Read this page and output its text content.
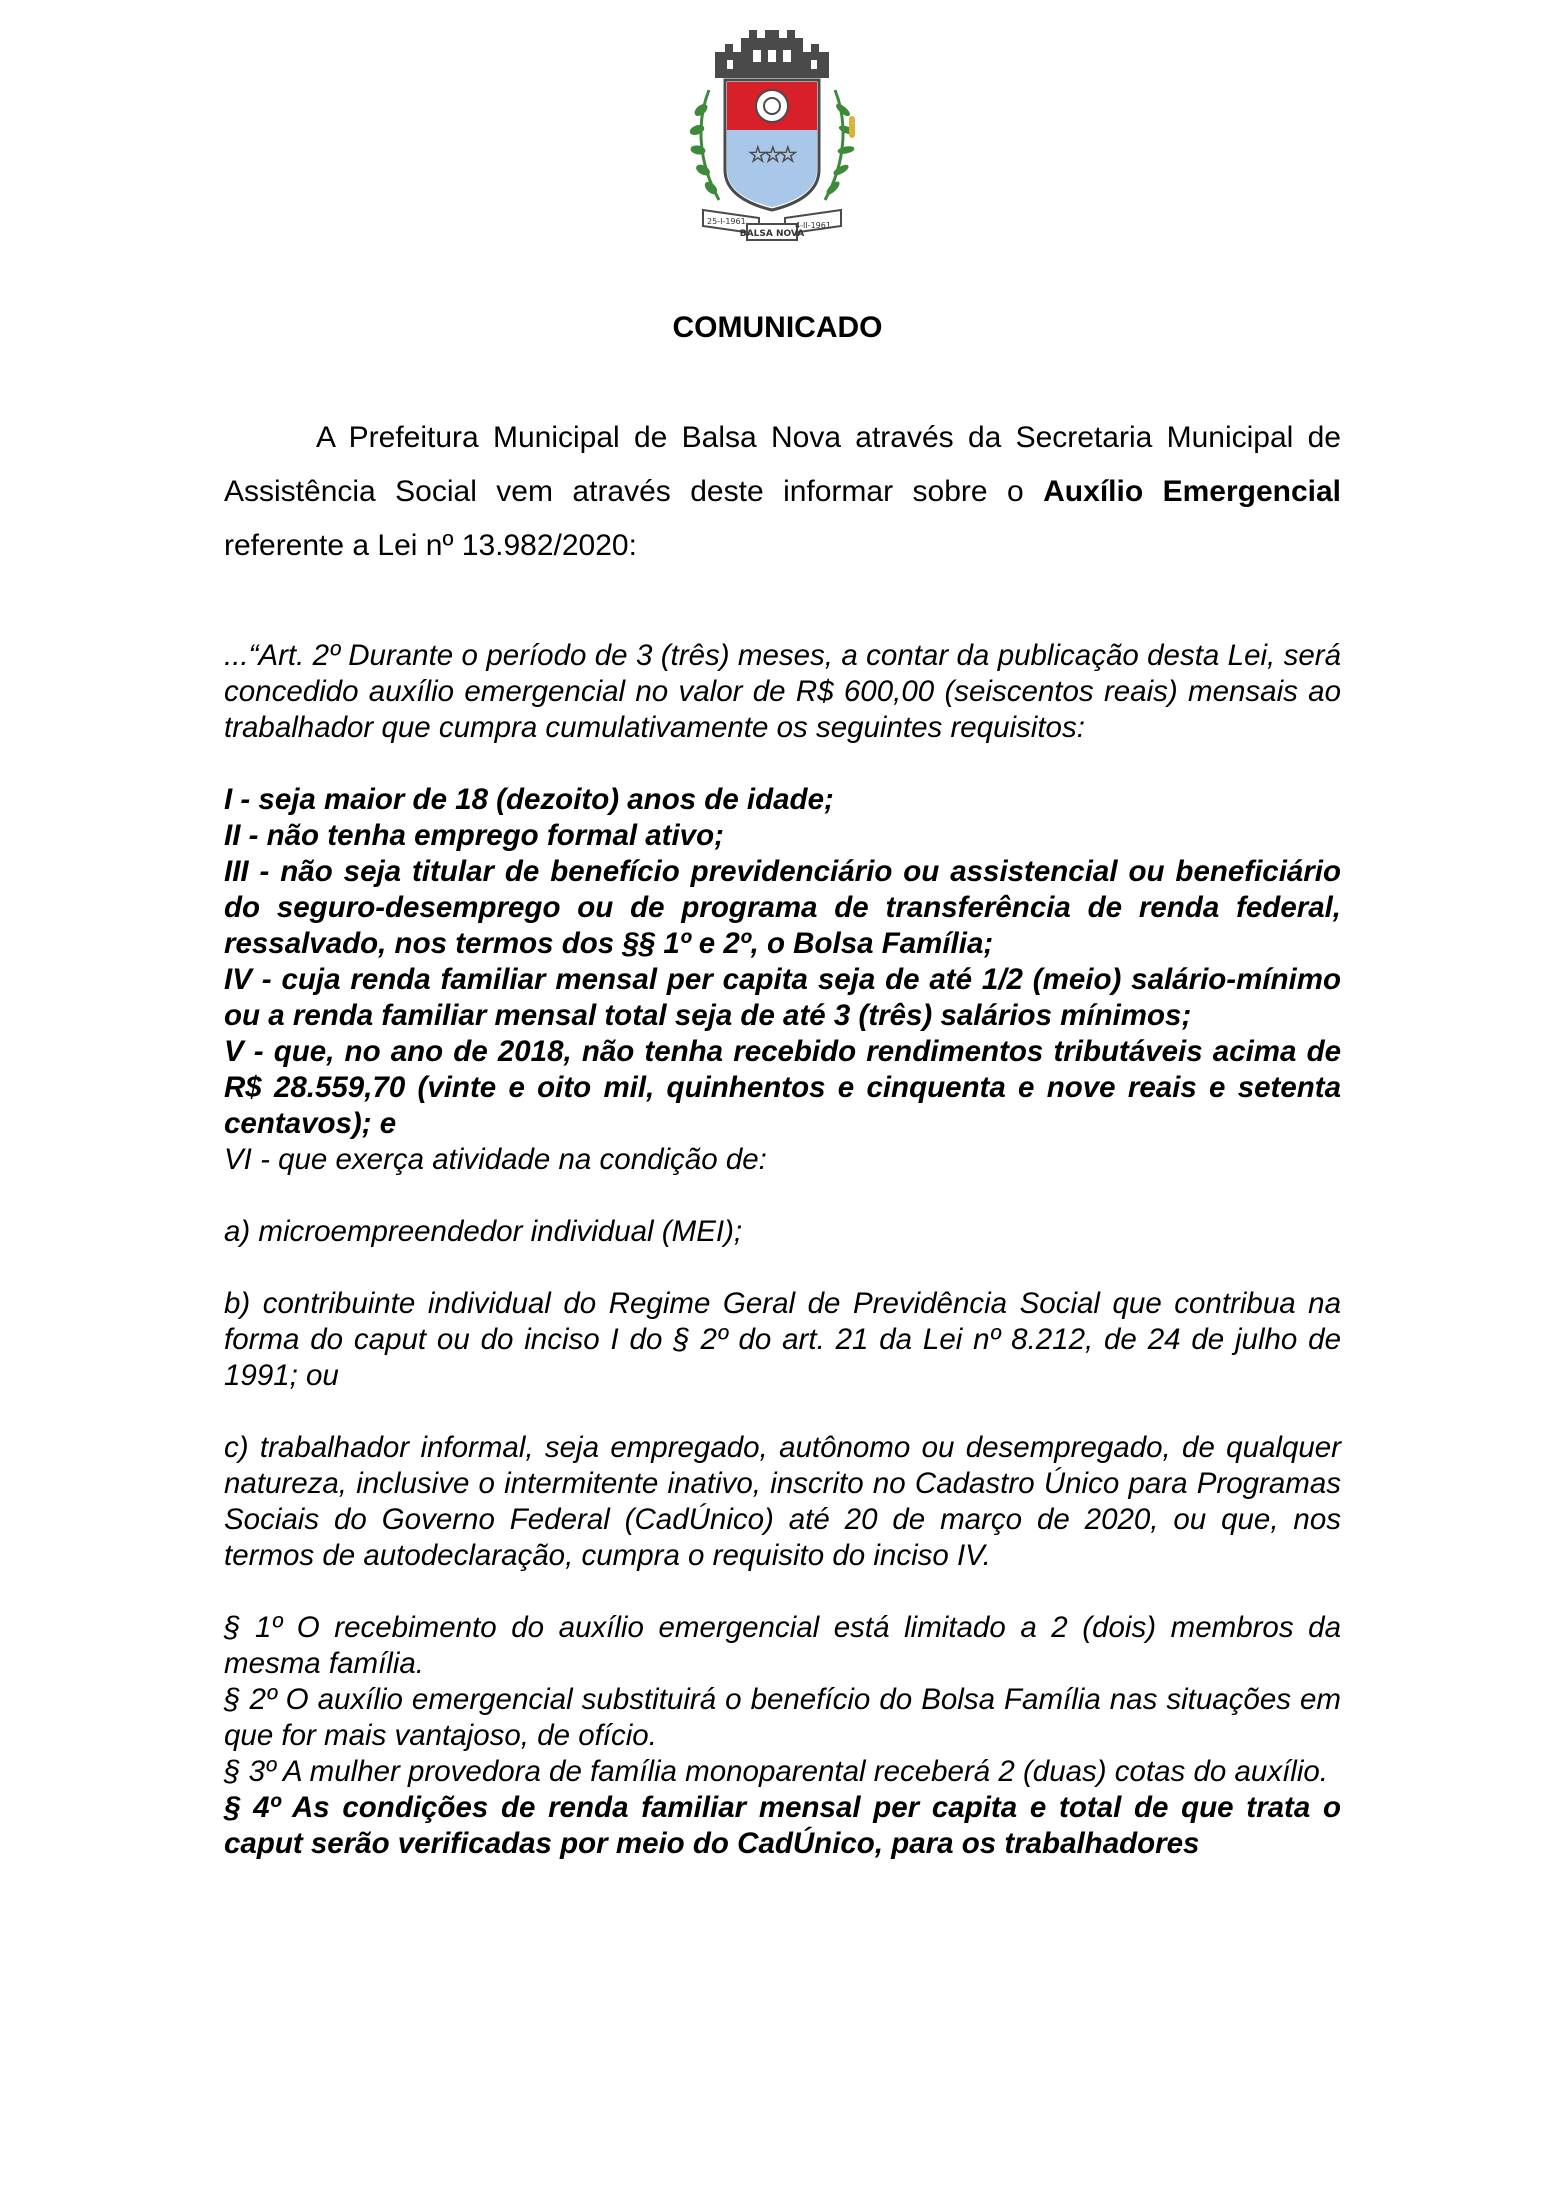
☆
☆
☆
25-I-1961	4-II-1961
BALSA NOVA
COMUNICADO

A Prefeitura Municipal de Balsa Nova através da Secretaria Municipal de Assistência Social vem através deste informar sobre o Auxílio Emergencial referente a Lei nº 13.982/2020:

...“Art. 2º Durante o período de 3 (três) meses, a contar da publicação desta Lei, será concedido auxílio emergencial no valor de R$ 600,00 (seiscentos reais) mensais ao trabalhador que cumpra cumulativamente os seguintes requisitos:

I - seja maior de 18 (dezoito) anos de idade;

II - não tenha emprego formal ativo;

III - não seja titular de benefício previdenciário ou assistencial ou beneficiário do seguro-desemprego ou de programa de transferência de renda federal, ressalvado, nos termos dos §§ 1º e 2º, o Bolsa Família;

IV - cuja renda familiar mensal per capita seja de até 1/2 (meio) salário-mínimo ou a renda familiar mensal total seja de até 3 (três) salários mínimos;

V - que, no ano de 2018, não tenha recebido rendimentos tributáveis acima de R$ 28.559,70 (vinte e oito mil, quinhentos e cinquenta e nove reais e setenta centavos); e

VI - que exerça atividade na condição de:

a) microempreendedor individual (MEI);

b) contribuinte individual do Regime Geral de Previdência Social que contribua na forma do caput ou do inciso I do § 2º do art. 21 da Lei nº 8.212, de 24 de julho de 1991; ou

c) trabalhador informal, seja empregado, autônomo ou desempregado, de qualquer natureza, inclusive o intermitente inativo, inscrito no Cadastro Único para Programas Sociais do Governo Federal (CadÚnico) até 20 de março de 2020, ou que, nos termos de autodeclaração, cumpra o requisito do inciso IV.

§ 1º O recebimento do auxílio emergencial está limitado a 2 (dois) membros da mesma família.

§ 2º O auxílio emergencial substituirá o benefício do Bolsa Família nas situações em que for mais vantajoso, de ofício.

§ 3º A mulher provedora de família monoparental receberá 2 (duas) cotas do auxílio.

§ 4º As condições de renda familiar mensal per capita e total de que trata o caput serão verificadas por meio do CadÚnico, para os trabalhadores
